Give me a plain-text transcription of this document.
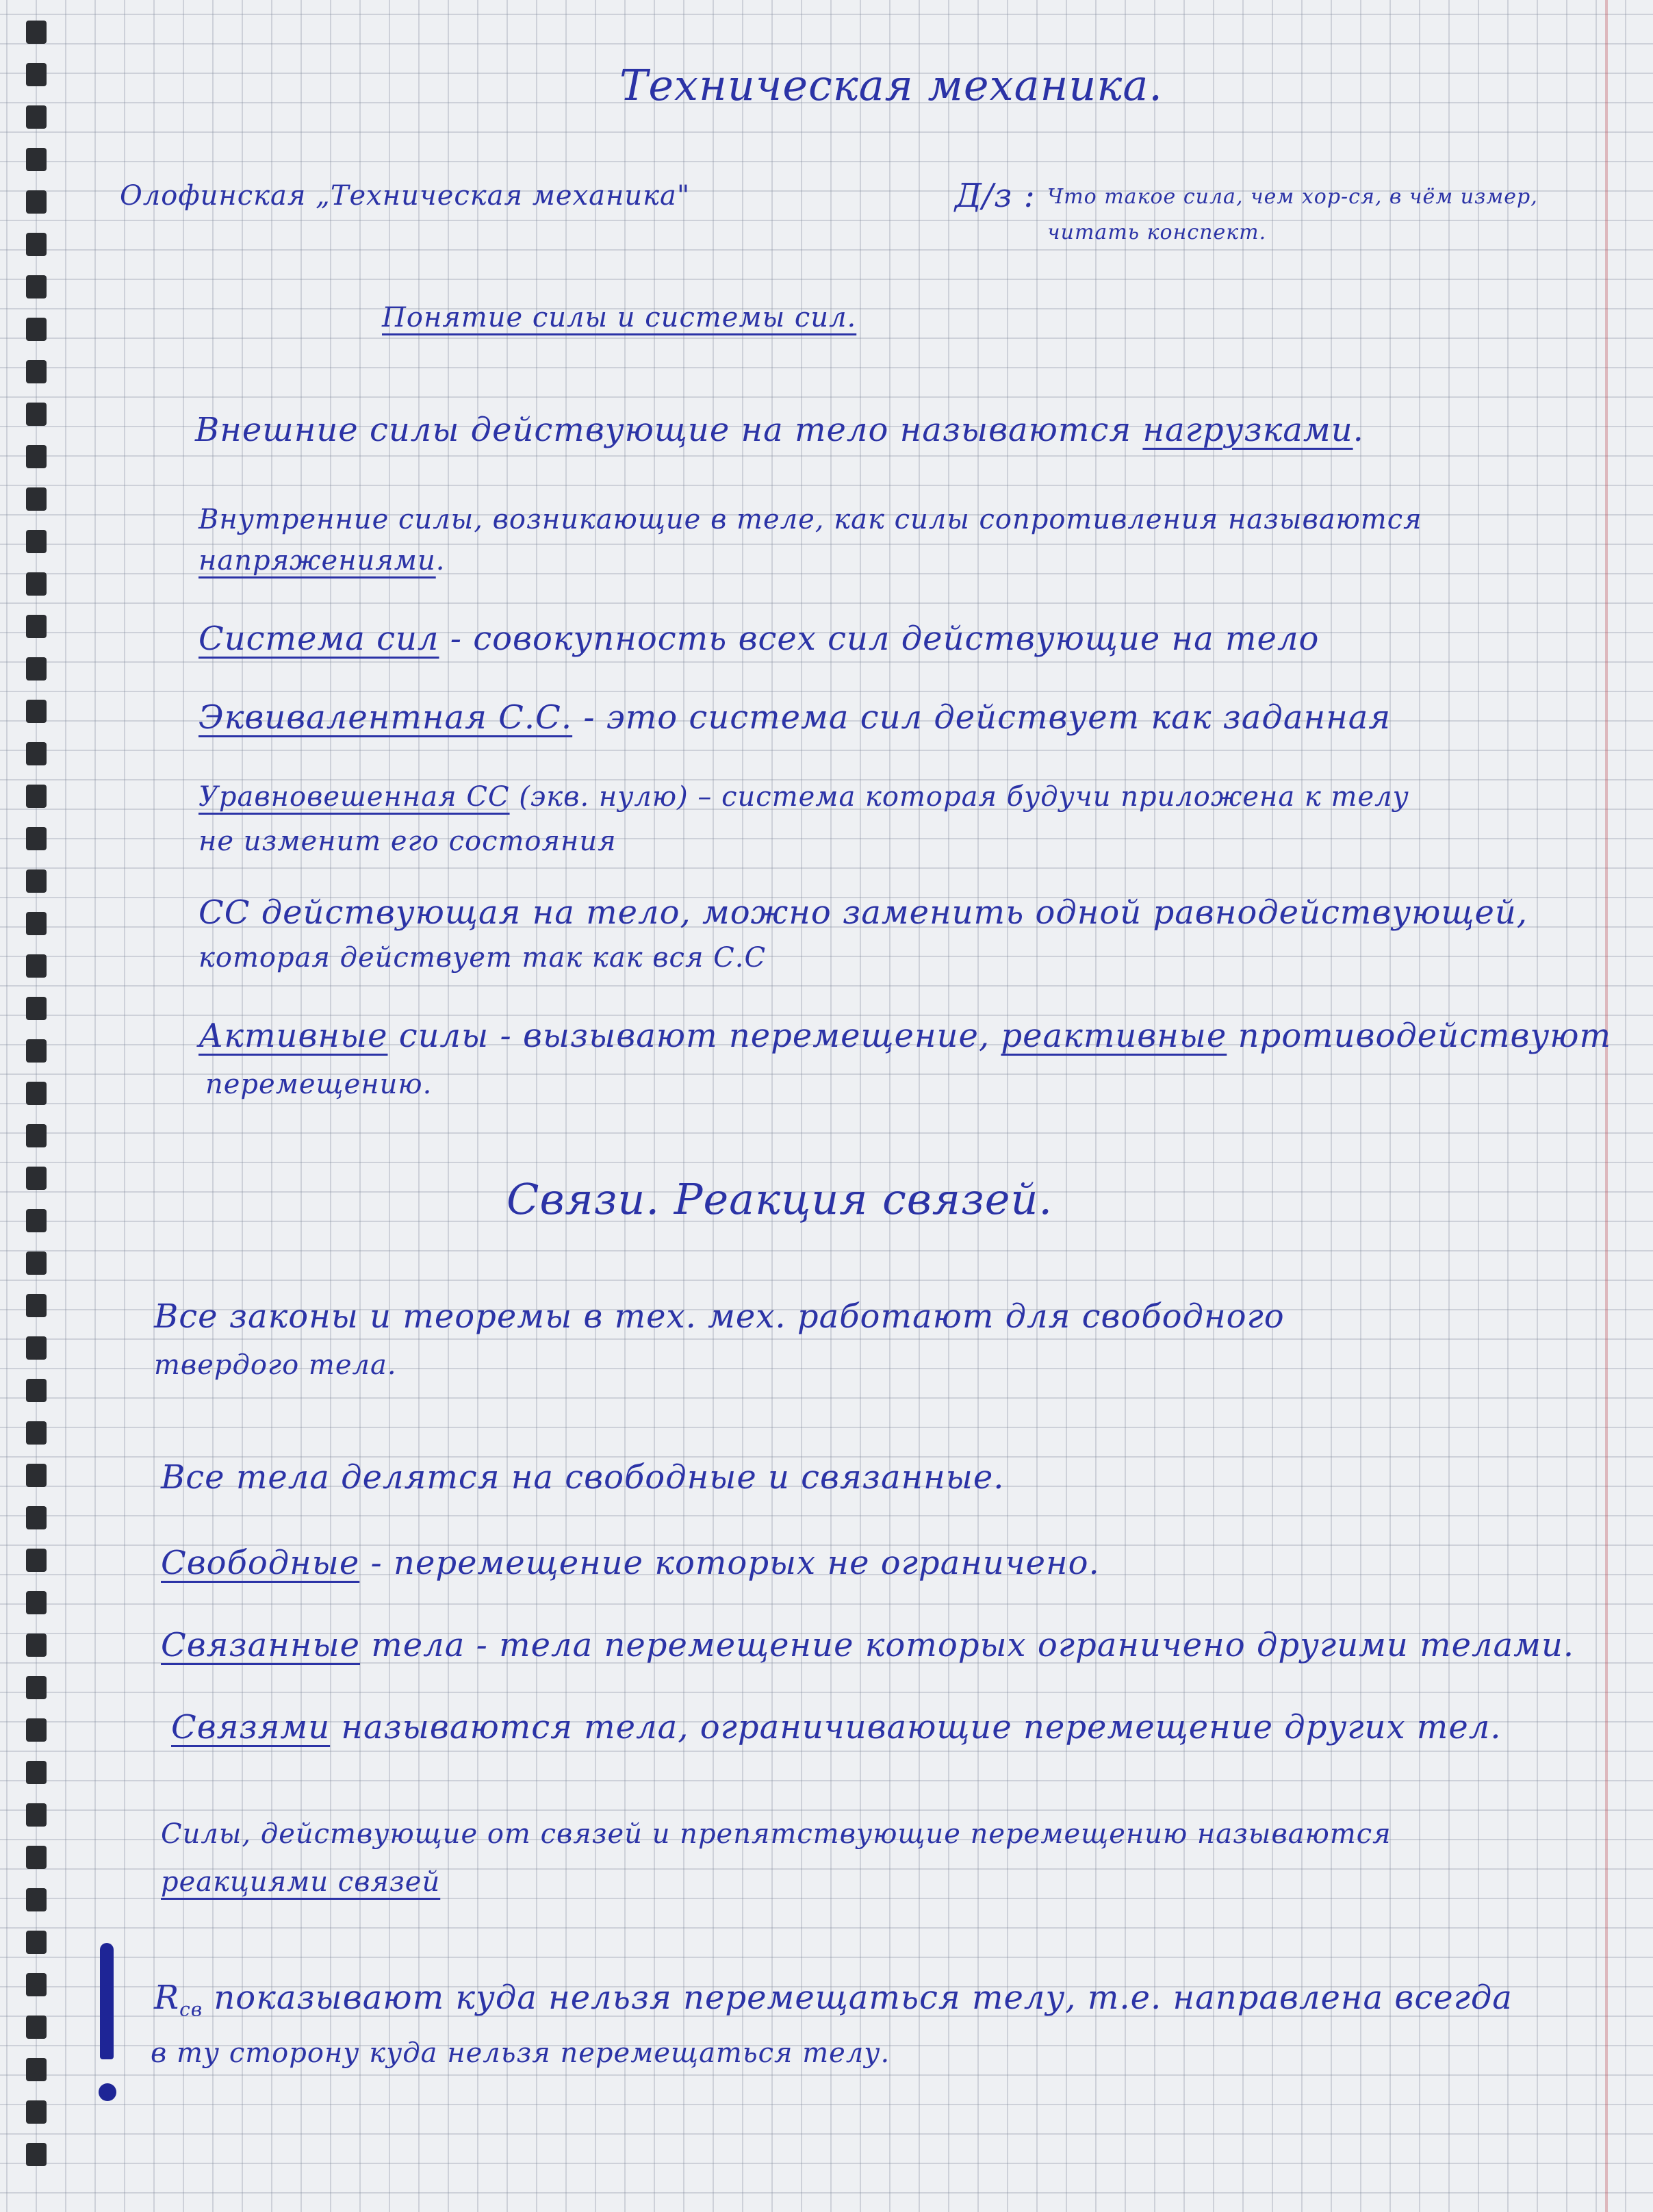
Техническая механика.
Олофинская „Техническая механика"	Д/з : Что такое сила, чем хор-ся, в чём измер,
читать конспект.
Понятие силы и системы сил.
Внешние силы действующие на тело называются нагрузками.
Внутренние силы, возникающие в теле, как силы сопротивления называются
напряжениями.
Система сил - совокупность всех сил действующие на тело
Эквивалентная С.С. - это система сил действует как заданная
Уравновешенная СС (экв. нулю) – система которая будучи приложена к телу
не изменит его состояния
СС действующая на тело, можно заменить одной равнодействующей,
которая действует так как вся С.С
Активные силы - вызывают перемещение, реактивные противодействуют
перемещению.
Связи. Реакция связей.
Все законы и теоремы в тех. мех. работают для свободного
твердого тела.
Все тела делятся на свободные и связанные.
Свободные - перемещение которых не ограничено.
Связанные тела - тела перемещение которых ограничено другими телами.
Связями называются тела, ограничивающие перемещение других тел.
Силы, действующие от связей и препятствующие перемещению называются
реакциями связей
$R_{св}$ показывают куда нельзя перемещаться телу, т.е. направлена всегда
в ту сторону куда нельзя перемещаться телу.
